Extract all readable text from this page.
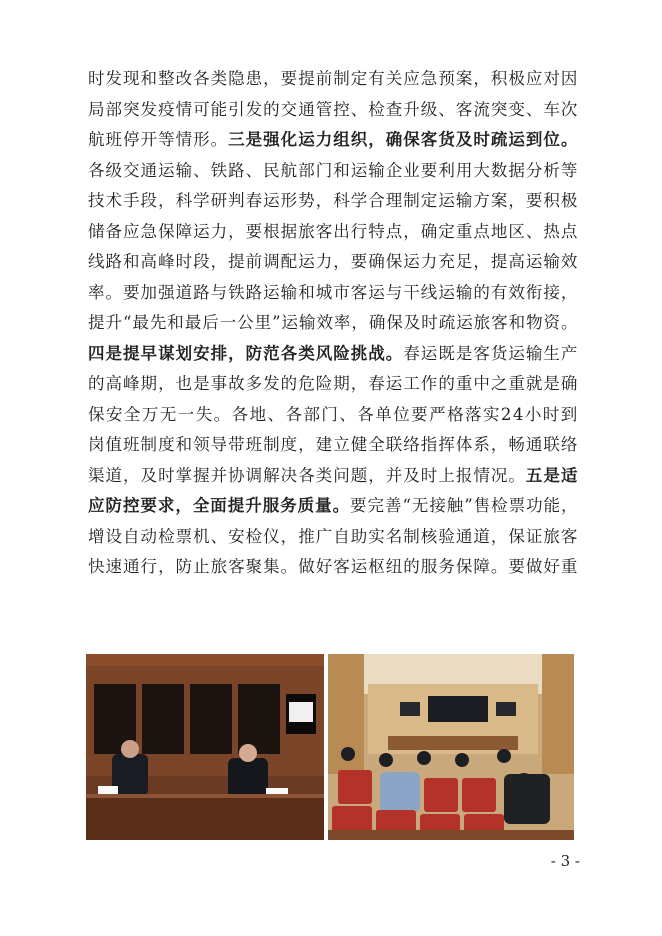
时 发 现 和 整 改 各 类 隐 患 ， 要 提 前 制 定 有 关 应 急 预 案 ， 积 极 应 对 因
局 部 突 发 疫 情 可 能 引 发 的 交 通 管 控 、 检 查 升 级 、 客 流 突 变 、 车 次
航 班 停 开 等 情 形 。 三 是 强 化 运 力 组 织 ， 确 保 客 货 及 时 疏 运 到 位 。
各 级 交 通 运 输 、 铁 路 、 民 航 部 门 和 运 输 企 业 要 利 用 大 数 据 分 析 等
技 术 手 段 ， 科 学 研 判 春 运 形 势 ， 科 学 合 理 制 定 运 输 方 案 ， 要 积 极
储 备 应 急 保 障 运 力 ， 要 根 据 旅 客 出 行 特 点 ， 确 定 重 点 地 区 、 热 点
线 路 和 高 峰 时 段 ， 提 前 调 配 运 力 ， 要 确 保 运 力 充 足 ， 提 高 运 输 效
率 。 要 加 强 道 路 与 铁 路 运 输 和 城 市 客 运 与 干 线 运 输 的 有 效 衔 接 ，
提 升 “ 最 先 和 最 后 一 公 里 ” 运 输 效 率 ， 确 保 及 时 疏 运 旅 客 和 物 资 。
四 是 提 早 谋 划 安 排 ， 防 范 各 类 风 险 挑 战 。 春 运 既 是 客 货 运 输 生 产
的 高 峰 期 ， 也 是 事 故 多 发 的 危 险 期 ， 春 运 工 作 的 重 中 之 重 就 是 确
保 安 全 万 无 一 失 。 各 地 、 各 部 门 、 各 单 位 要 严 格 落 实 2 4 小 时 到
岗 值 班 制 度 和 领 导 带 班 制 度 ， 建 立 健 全 联 络 指 挥 体 系 ， 畅 通 联 络
渠 道 ， 及 时 掌 握 并 协 调 解 决 各 类 问 题 ， 并 及 时 上 报 情 况 。 五 是 适
应 防 控 要 求 ， 全 面 提 升 服 务 质 量 。 要 完 善 “ 无 接 触 ” 售 检 票 功 能 ，
增 设 自 动 检 票 机 、 安 检 仪 ， 推 广 自 助 实 名 制 核 验 通 道 ， 保 证 旅 客
快 速 通 行 ， 防 止 旅 客 聚 集 。 做 好 客 运 枢 纽 的 服 务 保 障 。 要 做 好 重
- 3 -
